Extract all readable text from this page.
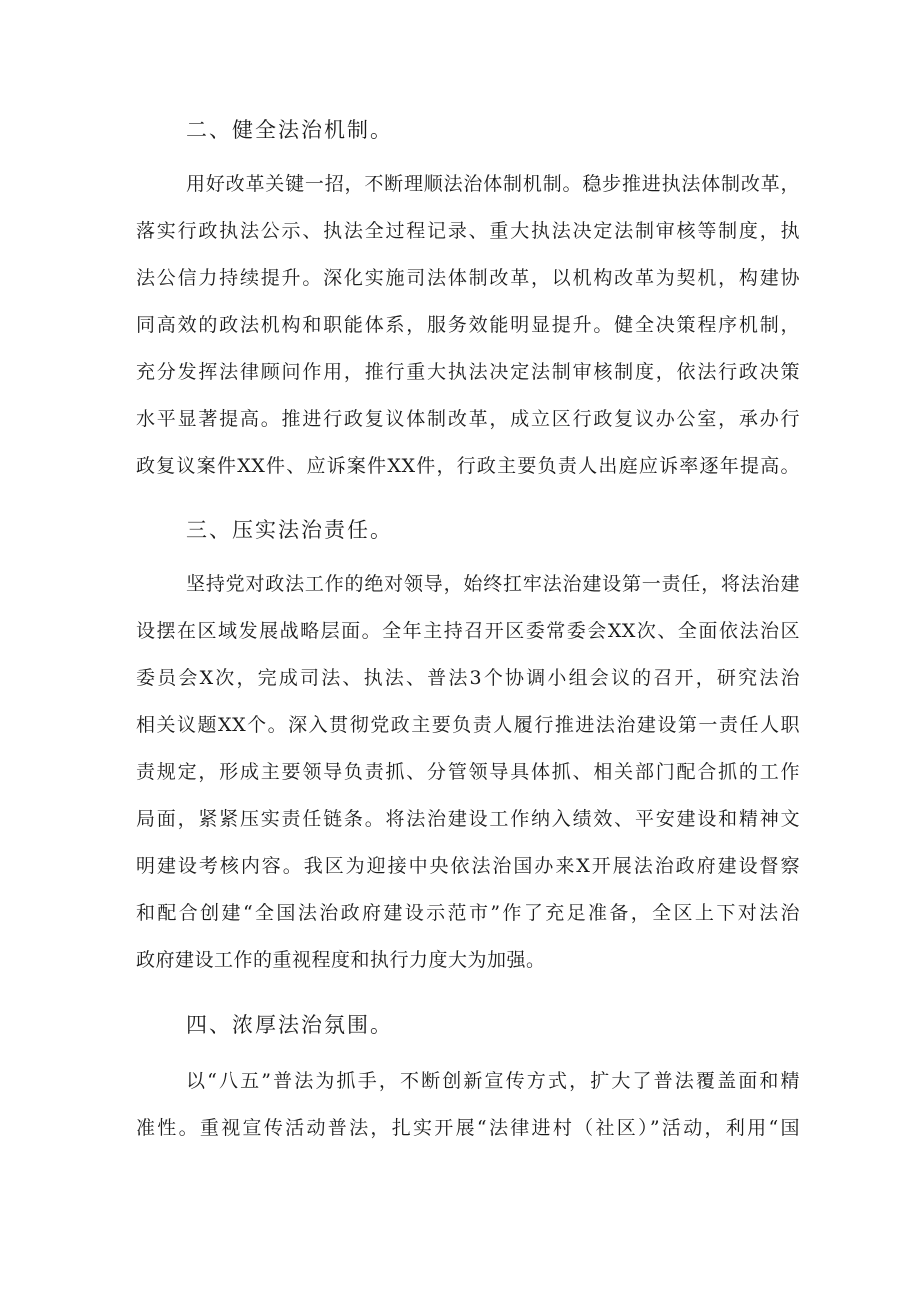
二、健全法治机制。
用好改革关键一招，不断理顺法治体制机制。稳步推进执法体制改革，
落实行政执法公示、执法全过程记录、重大执法决定法制审核等制度，执
法公信力持续提升。深化实施司法体制改革，以机构改革为契机，构建协
同高效的政法机构和职能体系，服务效能明显提升。健全决策程序机制，
充分发挥法律顾问作用，推行重大执法决定法制审核制度，依法行政决策
水平显著提高。推进行政复议体制改革，成立区行政复议办公室，承办行
政复议案件XX件、应诉案件XX件，行政主要负责人出庭应诉率逐年提高。
三、压实法治责任。
坚持党对政法工作的绝对领导，始终扛牢法治建设第一责任，将法治建
设摆在区域发展战略层面。全年主持召开区委常委会XX次、全面依法治区
委员会X次，完成司法、执法、普法3个协调小组会议的召开，研究法治
相关议题XX个。深入贯彻党政主要负责人履行推进法治建设第一责任人职
责规定，形成主要领导负责抓、分管领导具体抓、相关部门配合抓的工作
局面，紧紧压实责任链条。将法治建设工作纳入绩效、平安建设和精神文
明建设考核内容。我区为迎接中央依法治国办来X开展法治政府建设督察
和配合创建“全国法治政府建设示范市”作了充足准备，全区上下对法治
政府建设工作的重视程度和执行力度大为加强。
四、浓厚法治氛围。
以“八五”普法为抓手，不断创新宣传方式，扩大了普法覆盖面和精
准性。重视宣传活动普法，扎实开展“法律进村（社区）”活动，利用“国
